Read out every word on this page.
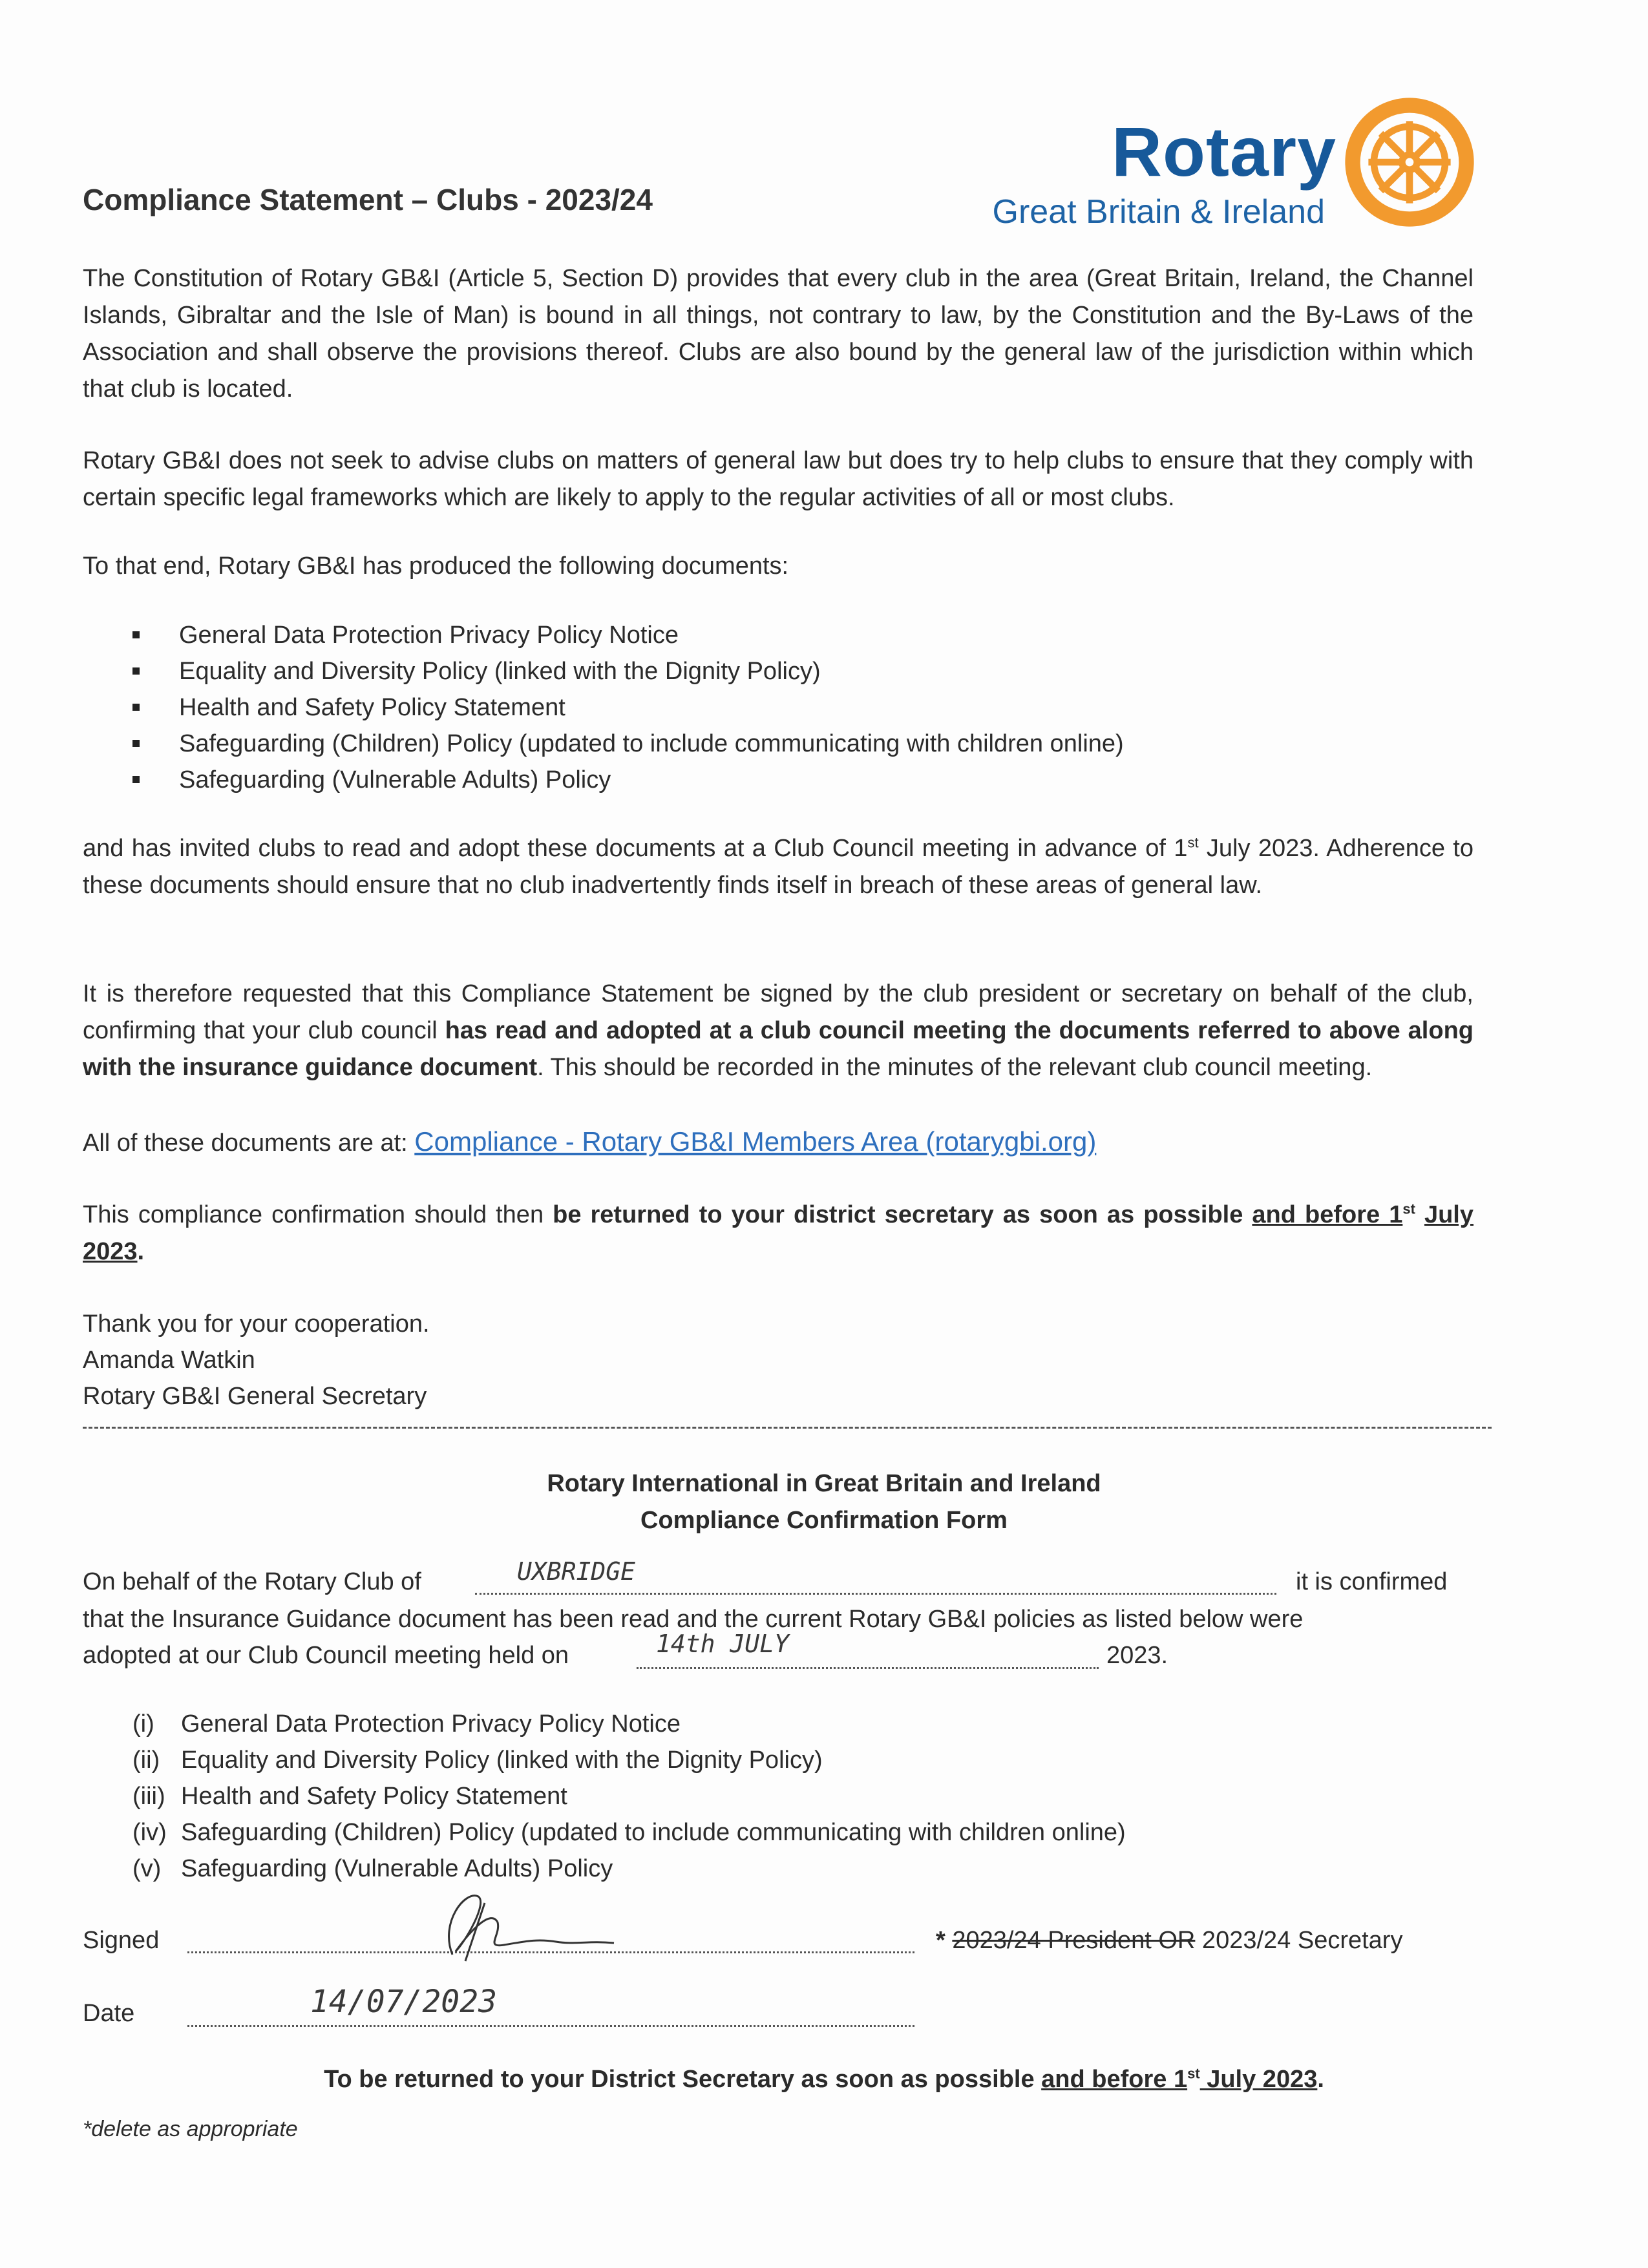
Compliance Statement – Clubs - 2023/24
Rotary
Great Britain & Ireland
The Constitution of Rotary GB&I (Article 5, Section D) provides that every club in the area (Great Britain, Ireland, the Channel Islands, Gibraltar and the Isle of Man) is bound in all things, not contrary to law, by the Constitution and the By-Laws of the Association and shall observe the provisions thereof. Clubs are also bound by the general law of the jurisdiction within which that club is located.
Rotary GB&I does not seek to advise clubs on matters of general law but does try to help clubs to ensure that they comply with certain specific legal frameworks which are likely to apply to the regular activities of all or most clubs.
To that end, Rotary GB&I has produced the following documents:
General Data Protection Privacy Policy Notice
Equality and Diversity Policy (linked with the Dignity Policy)
Health and Safety Policy Statement
Safeguarding (Children) Policy (updated to include communicating with children online)
Safeguarding (Vulnerable Adults) Policy
and has invited clubs to read and adopt these documents at a Club Council meeting in advance of 1st July 2023. Adherence to these documents should ensure that no club inadvertently finds itself in breach of these areas of general law.
It is therefore requested that this Compliance Statement be signed by the club president or secretary on behalf of the club, confirming that your club council has read and adopted at a club council meeting the documents referred to above along with the insurance guidance document. This should be recorded in the minutes of the relevant club council meeting.
All of these documents are at: Compliance - Rotary GB&I Members Area (rotarygbi.org)
This compliance confirmation should then be returned to your district secretary as soon as possible and before 1st July 2023.
Thank you for your cooperation.
Amanda Watkin
Rotary GB&I General Secretary
Rotary International in Great Britain and Ireland
Compliance Confirmation Form
On behalf of the Rotary Club of	UXBRIDGE	it is confirmed
that the Insurance Guidance document has been read and the current Rotary GB&I policies as listed below were
adopted at our Club Council meeting held on	14th JULY	2023.
(i) General Data Protection Privacy Policy Notice
(ii) Equality and Diversity Policy (linked with the Dignity Policy)
(iii) Health and Safety Policy Statement
(iv) Safeguarding (Children) Policy (updated to include communicating with children online)
(v) Safeguarding (Vulnerable Adults) Policy
Signed	* 2023/24 President OR 2023/24 Secretary
Date	14/07/2023
To be returned to your District Secretary as soon as possible and before 1st July 2023.
*delete as appropriate
